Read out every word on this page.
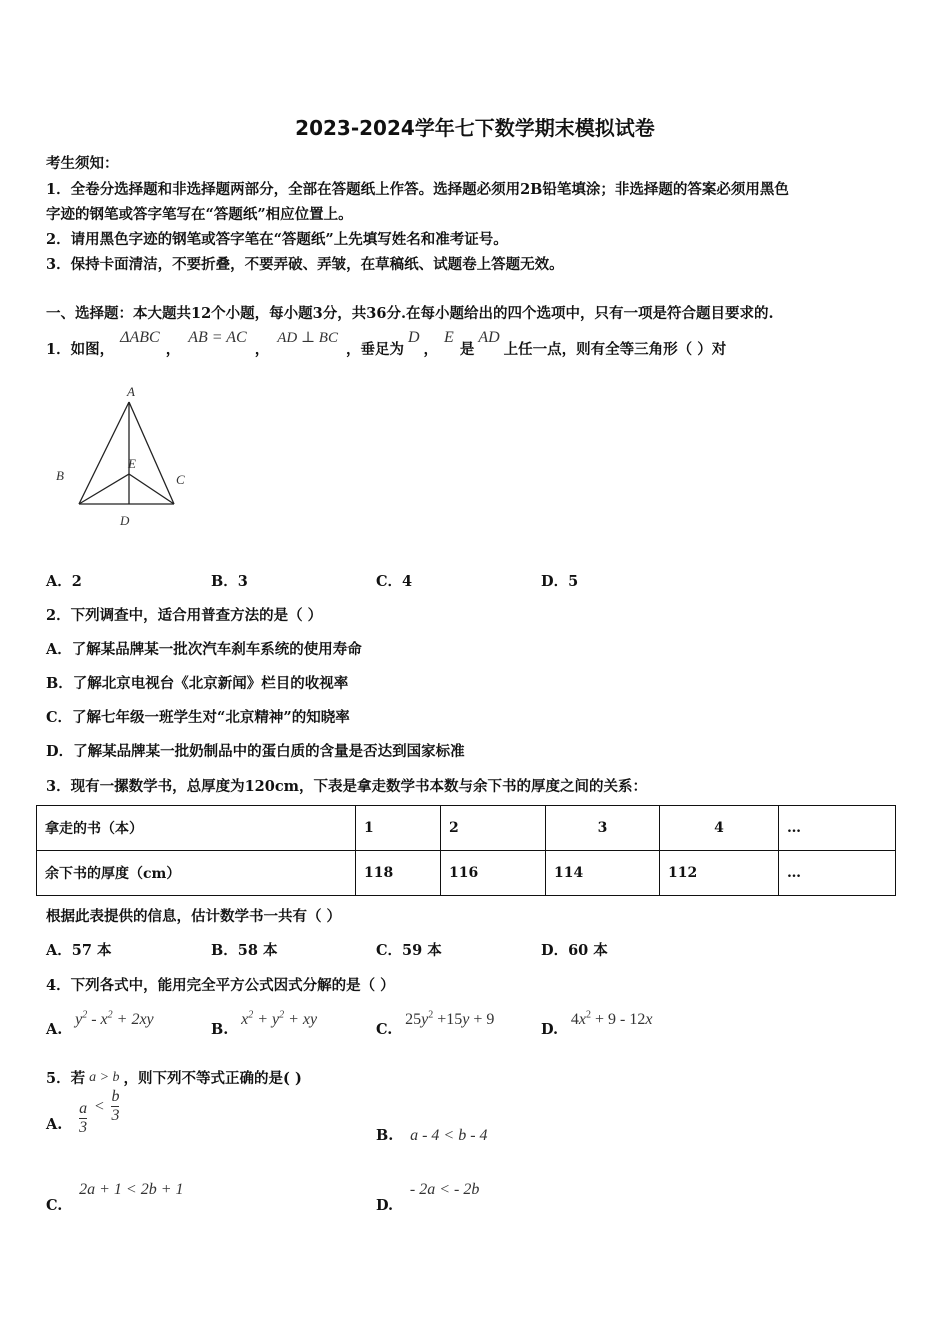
2023-2024学年七下数学期末模拟试卷
考生须知：
1．全卷分选择题和非选择题两部分，全部在答题纸上作答。选择题必须用2B铅笔填涂；非选择题的答案必须用黑色
字迹的钢笔或答字笔写在“答题纸”相应位置上。
2．请用黑色字迹的钢笔或答字笔在“答题纸”上先填写姓名和准考证号。
3．保持卡面清洁，不要折叠，不要弄破、弄皱，在草稿纸、试题卷上答题无效。
一、选择题：本大题共12个小题，每小题3分，共36分.在每小题给出的四个选项中，只有一项是符合题目要求的.
1．如图，ΔABC，AB = AC，AD ⊥ BC，垂足为D，E是AD上任一点，则有全等三角形（ ）对
A
B	C
D
E
A．2	B．3	C．4	D．5
2．下列调查中，适合用普查方法的是（ ）
A．了解某品牌某一批次汽车刹车系统的使用寿命
B．了解北京电视台《北京新闻》栏目的收视率
C．了解七年级一班学生对“北京精神”的知晓率
D．了解某品牌某一批奶制品中的蛋白质的含量是否达到国家标准
3．现有一摞数学书，总厚度为120cm，下表是拿走数学书本数与余下书的厚度之间的关系：
拿走的书（本）	1	2	3	4	…
余下书的厚度（cm）	118	116	114	112	…
根据此表提供的信息，估计数学书一共有（ ）
A．57 本	B．58 本	C．59 本	D．60 本
4．下列各式中，能用完全平方公式因式分解的是（ ）
A. $y^2 - x^2 + 2xy$
B. $x^2 + y^2$ + xy
C. $25y^2 +15y + 9$
D. $4x^2 + 9 - 12x$
5．若 a > b ，则下列不等式正确的是( )
A. $\frac{a}{3} < \frac{b}{3}$
B. a - 4 < b - 4
C. 2a + 1 < 2b + 1
D. - 2a < - 2b
